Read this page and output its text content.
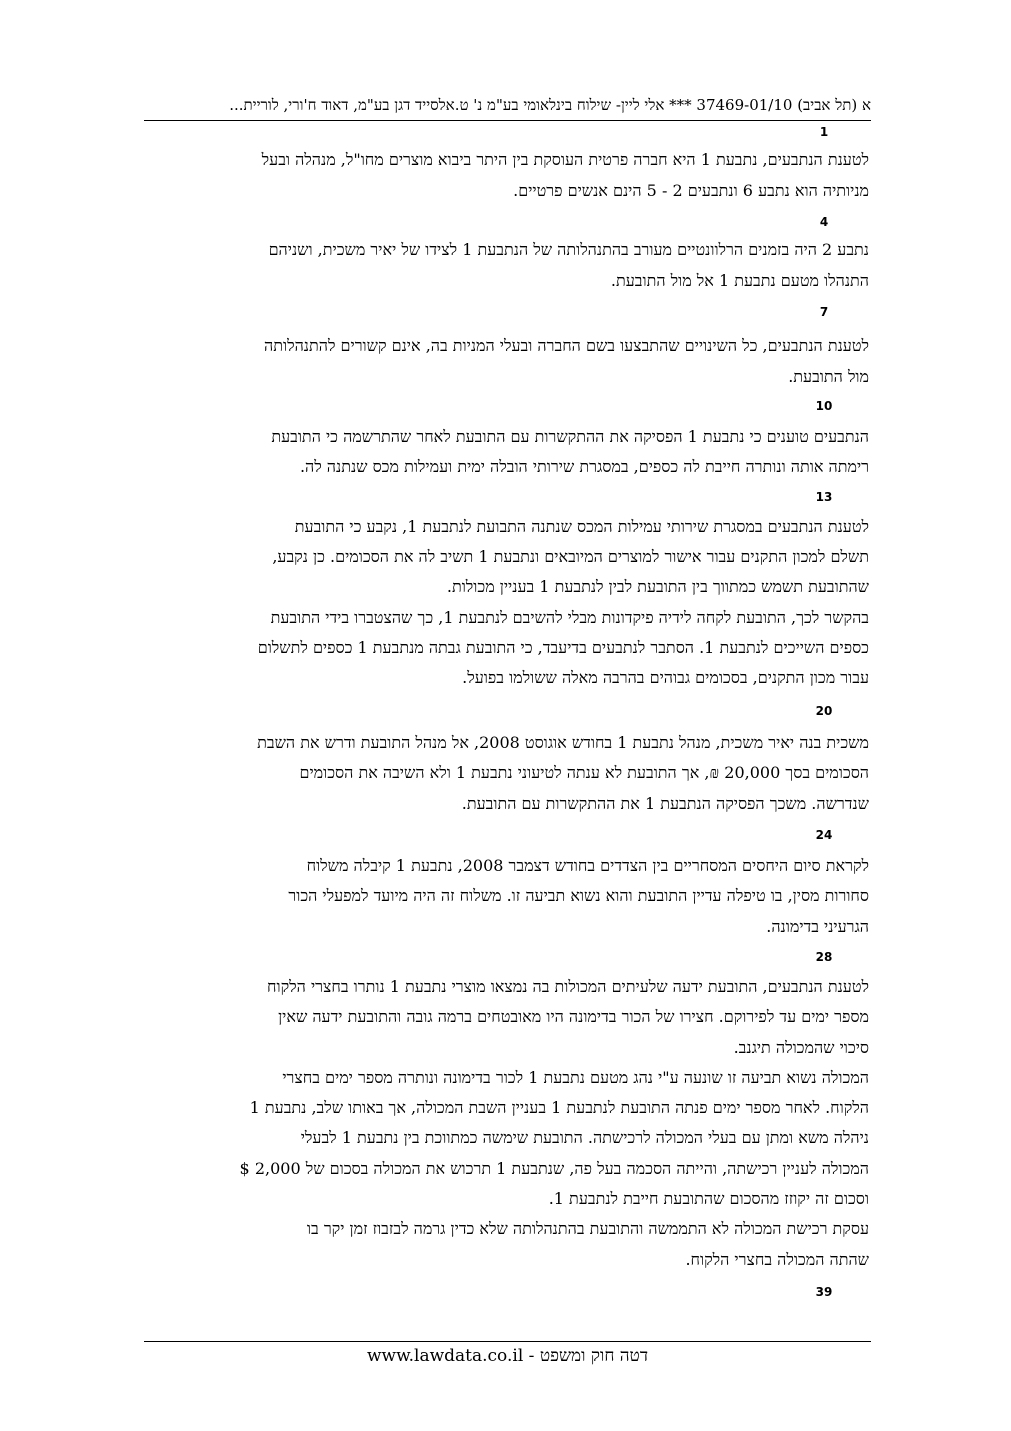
א (תל אביב) 37469-01/10 *** אלי ליין- שילוח בינלאומי בע"מ נ' ט.אלסייד דגן בע"מ, דאוד ח'ורי, לוריית...
1
לטענת הנתבעים, נתבעת 1 היא חברה פרטית העוסקת בין היתר ביבוא מוצרים מחו"ל, מנהלה ובעל
מניותיה הוא נתבע 6 ונתבעים 2 - 5 הינם אנשים פרטיים.
4
נתבע 2 היה בזמנים הרלוונטיים מעורב בהתנהלותה של הנתבעת 1 לצידו של יאיר משכית, ושניהם
התנהלו מטעם נתבעת 1 אל מול התובעת.
7
לטענת הנתבעים, כל השינויים שהתבצעו בשם החברה ובעלי המניות בה, אינם קשורים להתנהלותה
מול התובעת.
10
הנתבעים טוענים כי נתבעת 1 הפסיקה את ההתקשרות עם התובעת לאחר שהתרשמה כי התובעת
רימתה אותה ונותרה חייבת לה כספים, במסגרת שירותי הובלה ימית ועמילות מכס שנתנה לה.
13
לטענת הנתבעים במסגרת שירותי עמילות המכס שנתנה התבועת לנתבעת 1, נקבע כי התובעת
תשלם למכון התקנים עבור אישור למוצרים המיובאים ונתבעת 1 תשיב לה את הסכומים. כן נקבע,
שהתובעת תשמש כמתווך בין התובעת לבין לנתבעת 1 בעניין מכולות.
בהקשר לכך, התובעת לקחה לידיה פיקדונות מבלי להשיבם לנתבעת 1, כך שהצטברו בידי התובעת
כספים השייכים לנתבעת 1. הסתבר לנתבעים בדיעבד, כי התובעת גבתה מנתבעת 1 כספים לתשלום
עבור מכון התקנים, בסכומים גבוהים בהרבה מאלה ששולמו בפועל.
20
משכית בנה יאיר משכית, מנהל נתבעת 1 בחודש אוגוסט 2008, אל מנהל התובעת ודרש את השבת
הסכומים בסך 20,000 ₪, אך התובעת לא ענתה לטיעוני נתבעת 1 ולא השיבה את הסכומים
שנדרשה. משכך הפסיקה הנתבעת 1 את ההתקשרות עם התובעת.
24
לקראת סיום היחסים המסחריים בין הצדדים בחודש דצמבר 2008, נתבעת 1 קיבלה משלוח
סחורות מסין, בו טיפלה עדיין התובעת והוא נשוא תביעה זו. משלוח זה היה מיועד למפעלי הכור
הגרעיני בדימונה.
28
לטענת הנתבעים, התובעת ידעה שלעיתים המכולות בה נמצאו מוצרי נתבעת 1 נותרו בחצרי הלקוח
מספר ימים עד לפירוקם. חצירו של הכור בדימונה היו מאובטחים ברמה גובה והתובעת ידעה שאין
סיכוי שהמכולה תיגנב.
המכולה נשוא תביעה זו שונעה ע"י נהג מטעם נתבעת 1 לכור בדימונה ונותרה מספר ימים בחצרי
הלקוח. לאחר מספר ימים פנתה התובעת לנתבעת 1 בעניין השבת המכולה, אך באותו שלב, נתבעת 1
ניהלה משא ומתן עם בעלי המכולה לרכישתה. התובעת שימשה כמתווכת בין נתבעת 1 לבעלי
המכולה לעניין רכישתה, והייתה הסכמה בעל פה, שנתבעת 1 תרכוש את המכולה בסכום של 2,000 $
וסכום זה יקוזז מהסכום שהתובעת חייבת לנתבעת 1.
עסקת רכישת המכולה לא התממשה והתובעת בהתנהלותה שלא כדין גרמה לבזבוז זמן יקר בו
שהתה המכולה בחצרי הלקוח.
39
www.lawdata.co.il - דטה חוק ומשפט
